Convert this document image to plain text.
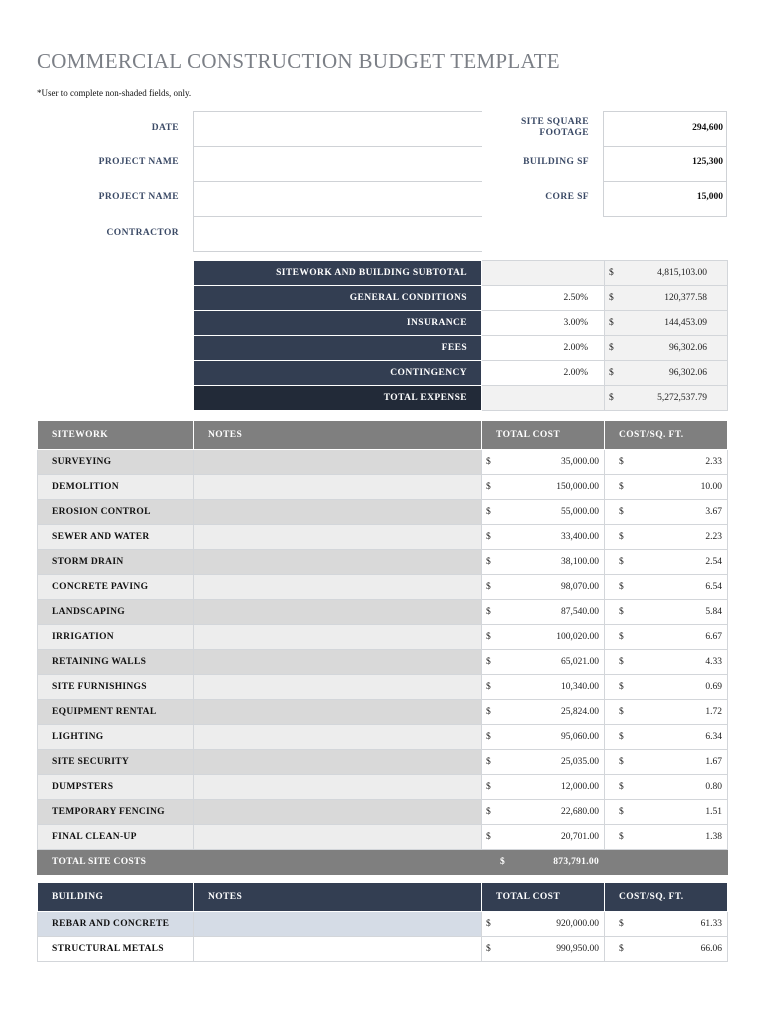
COMMERCIAL CONSTRUCTION BUDGET TEMPLATE
*User to complete non-shaded fields, only.
DATE
PROJECT NAME
PROJECT NAME
CONTRACTOR
SITE SQUARE
FOOTAGE	294,600
BUILDING SF	125,300
CORE SF	15,000
SITEWORK AND BUILDING SUBTOTAL		$ 4,815,103.00

GENERAL CONDITIONS	2.50%	$ 120,377.58

INSURANCE	3.00%	$ 144,453.09

FEES	2.00%	$ 96,302.06

CONTINGENCY	2.00%	$ 96,302.06

TOTAL EXPENSE		$ 5,272,537.79
SITEWORK	NOTES	TOTAL COST	COST/SQ. FT.
SURVEYING		$ 35,000.00	$ 2.33

DEMOLITION		$ 150,000.00	$ 10.00

EROSION CONTROL		$ 55,000.00	$ 3.67

SEWER AND WATER		$ 33,400.00	$ 2.23

STORM DRAIN		$ 38,100.00	$ 2.54

CONCRETE PAVING		$ 98,070.00	$ 6.54

LANDSCAPING		$ 87,540.00	$ 5.84

IRRIGATION		$ 100,020.00	$ 6.67

RETAINING WALLS		$ 65,021.00	$ 4.33

SITE FURNISHINGS		$ 10,340.00	$ 0.69

EQUIPMENT RENTAL		$ 25,824.00	$ 1.72

LIGHTING		$ 95,060.00	$ 6.34

SITE SECURITY		$ 25,035.00	$ 1.67

DUMPSTERS		$ 12,000.00	$ 0.80

TEMPORARY FENCING		$ 22,680.00	$ 1.51

FINAL CLEAN-UP		$ 20,701.00	$ 1.38

TOTAL SITE COSTS		$ 873,791.00	

BUILDING	NOTES	TOTAL COST	COST/SQ. FT.
REBAR AND CONCRETE		$ 920,000.00	$ 61.33

STRUCTURAL METALS		$ 990,950.00	$ 66.06
